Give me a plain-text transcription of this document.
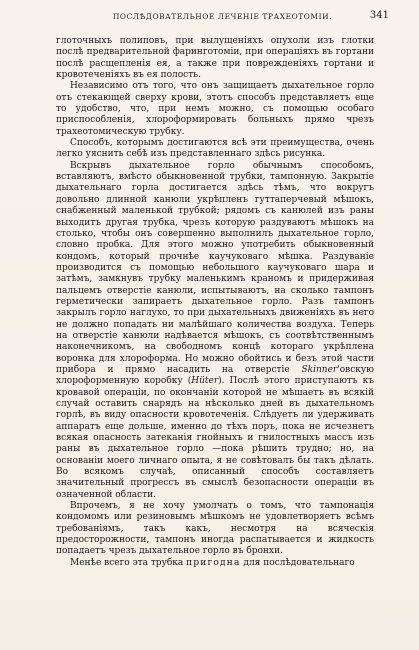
ПОСЛѢДОВАТЕЛЬНОЕ ЛЕЧЕНІЕ ТРАХЕОТОМІИ.	341

глоточныхъ полиповъ, при вылущеніяхъ опухоли изъ глотки послѣ предварительной фаринготоміи, при операціяхъ въ гортани послѣ расщепленія ея, а также при поврежденіяхъ гортани и кровотеченіяхъ въ ея полость.

Независимо отъ того, что онъ защищаетъ дыхательное горло отъ стекающей сверху крови, этотъ способъ представляетъ еще то удобство, что, при немъ можно, съ помощью особаго приспособленія, хлороформировать больныхъ прямо чрезъ трахеотомическую трубку.

Способъ, которымъ достигаются всѣ эти преимущества, очень легко уяснить себѣ изъ представленнаго здѣсь рисунка.

Вскрывъ дыхательное горло обычнымъ способомъ, вставляютъ, вмѣсто обыкновенной трубки, тампонную. Закрытіе дыхательнаго горла достигается здѣсь тѣмъ, что вокругъ довольно длинной канюли укрѣпленъ гуттаперчевый мѣшокъ, снабженный маленькой трубкой; рядомъ съ канюлей изъ раны выходитъ другая трубка, чрезъ которую раздуваютъ мѣшокъ на столько, чтобы онъ совершенно выполнилъ дыхательное горло, словно пробка. Для этого можно употребить обыкновенный кондомъ, который прочнѣе каучуковаго мѣшка. Раздуваніе производится съ помощью небольшого каучуковаго шара и затѣмъ, замкнувъ трубку маленькимъ краномъ и придерживая пальцемъ отверстіе канюли, испытываютъ, на сколько тампонъ герметически запираетъ дыхательное горло. Разъ тампонъ закрылъ горло наглухо, то при дыхательныхъ движеніяхъ въ него не должно попадать ни малѣйшаго количества воздуха. Теперь на отверстіе канюли надѣвается мѣшокъ, съ соотвѣтственнымъ наконечникомъ, на свободномъ концѣ котораго укрѣплена воронка для хлороформа. Но можно обойтись и безъ этой части прибора и прямо насадить на отверстіе Skinner'овскую хлороформенную коробку (Hüter). Послѣ этого приступаютъ къ кровавой операціи, по окончаніи которой не мѣшаетъ въ всякій случай оставить снарядъ на нѣсколько дней въ дыхательномъ горлѣ, въ виду опасности кровотеченія. Слѣдуетъ ли удерживать аппаратъ еще дольше, именно до тѣхъ поръ, пока не исчезнетъ всякая опасность затеканія гнойныхъ и гнилостныхъ массъ изъ раны въ дыхательное горло —пока рѣшить трудно; но, на основаніи моего личнаго опыта, я не совѣтовалъ бы такъ дѣлать. Во всякомъ случаѣ, описанный способъ составляетъ значительный прогрессъ въ смыслѣ безопасности операціи въ означенной области.

Впрочемъ, я не хочу умолчать о томъ, что тампонація кондомомъ или резиновымъ мѣшкомъ не удовлетворяетъ всѣмъ требованіямъ, такъ какъ, несмотря на всяческія предосторожности, тампонъ иногда распатывается и жидкость попадаетъ чрезъ дыхательное горло въ бронхи.

Менѣе всего эта трубка пригодна для послѣдовательнаго
